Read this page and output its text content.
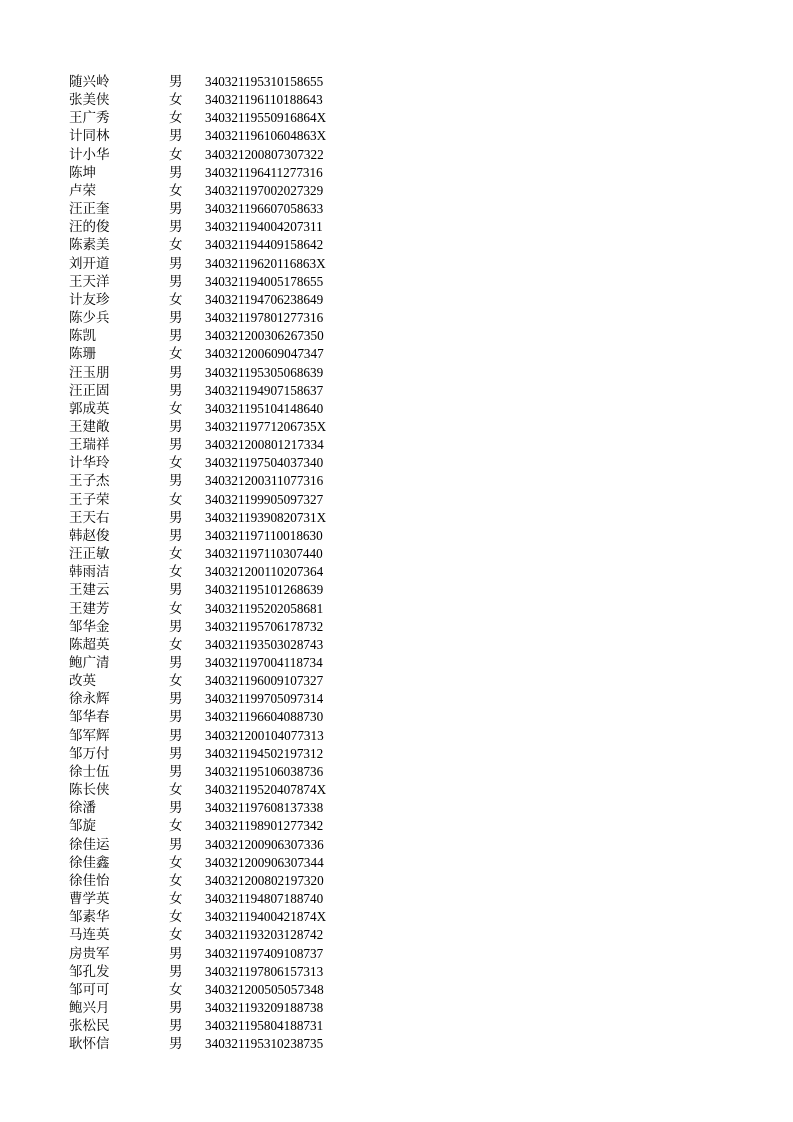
随兴岭	男	340321195310158655
张美侠	女	340321196110188643
王广秀	女	34032119550916864X
计同林	男	34032119610604863X
计小华	女	340321200807307322
陈坤	男	340321196411277316
卢荣	女	340321197002027329
汪正奎	男	340321196607058633
汪的俊	男	340321194004207311
陈素美	女	340321194409158642
刘开道	男	34032119620116863X
王天洋	男	340321194005178655
计友珍	女	340321194706238649
陈少兵	男	340321197801277316
陈凯	男	340321200306267350
陈珊	女	340321200609047347
汪玉朋	男	340321195305068639
汪正固	男	340321194907158637
郭成英	女	340321195104148640
王建敞	男	34032119771206735X
王瑞祥	男	340321200801217334
计华玲	女	340321197504037340
王子杰	男	340321200311077316
王子荣	女	340321199905097327
王天右	男	34032119390820731X
韩赵俊	男	340321197110018630
汪正敏	女	340321197110307440
韩雨洁	女	340321200110207364
王建云	男	340321195101268639
王建芳	女	340321195202058681
邹华金	男	340321195706178732
陈超英	女	340321193503028743
鲍广清	男	340321197004118734
改英	女	340321196009107327
徐永辉	男	340321199705097314
邹华春	男	340321196604088730
邹军辉	男	340321200104077313
邹万付	男	340321194502197312
徐士伍	男	340321195106038736
陈长侠	女	34032119520407874X
徐潘	男	340321197608137338
邹旋	女	340321198901277342
徐佳运	男	340321200906307336
徐佳鑫	女	340321200906307344
徐佳怡	女	340321200802197320
曹学英	女	340321194807188740
邹素华	女	34032119400421874X
马连英	女	340321193203128742
房贵军	男	340321197409108737
邹孔发	男	340321197806157313
邹可可	女	340321200505057348
鲍兴月	男	340321193209188738
张松民	男	340321195804188731
耿怀信	男	340321195310238735
